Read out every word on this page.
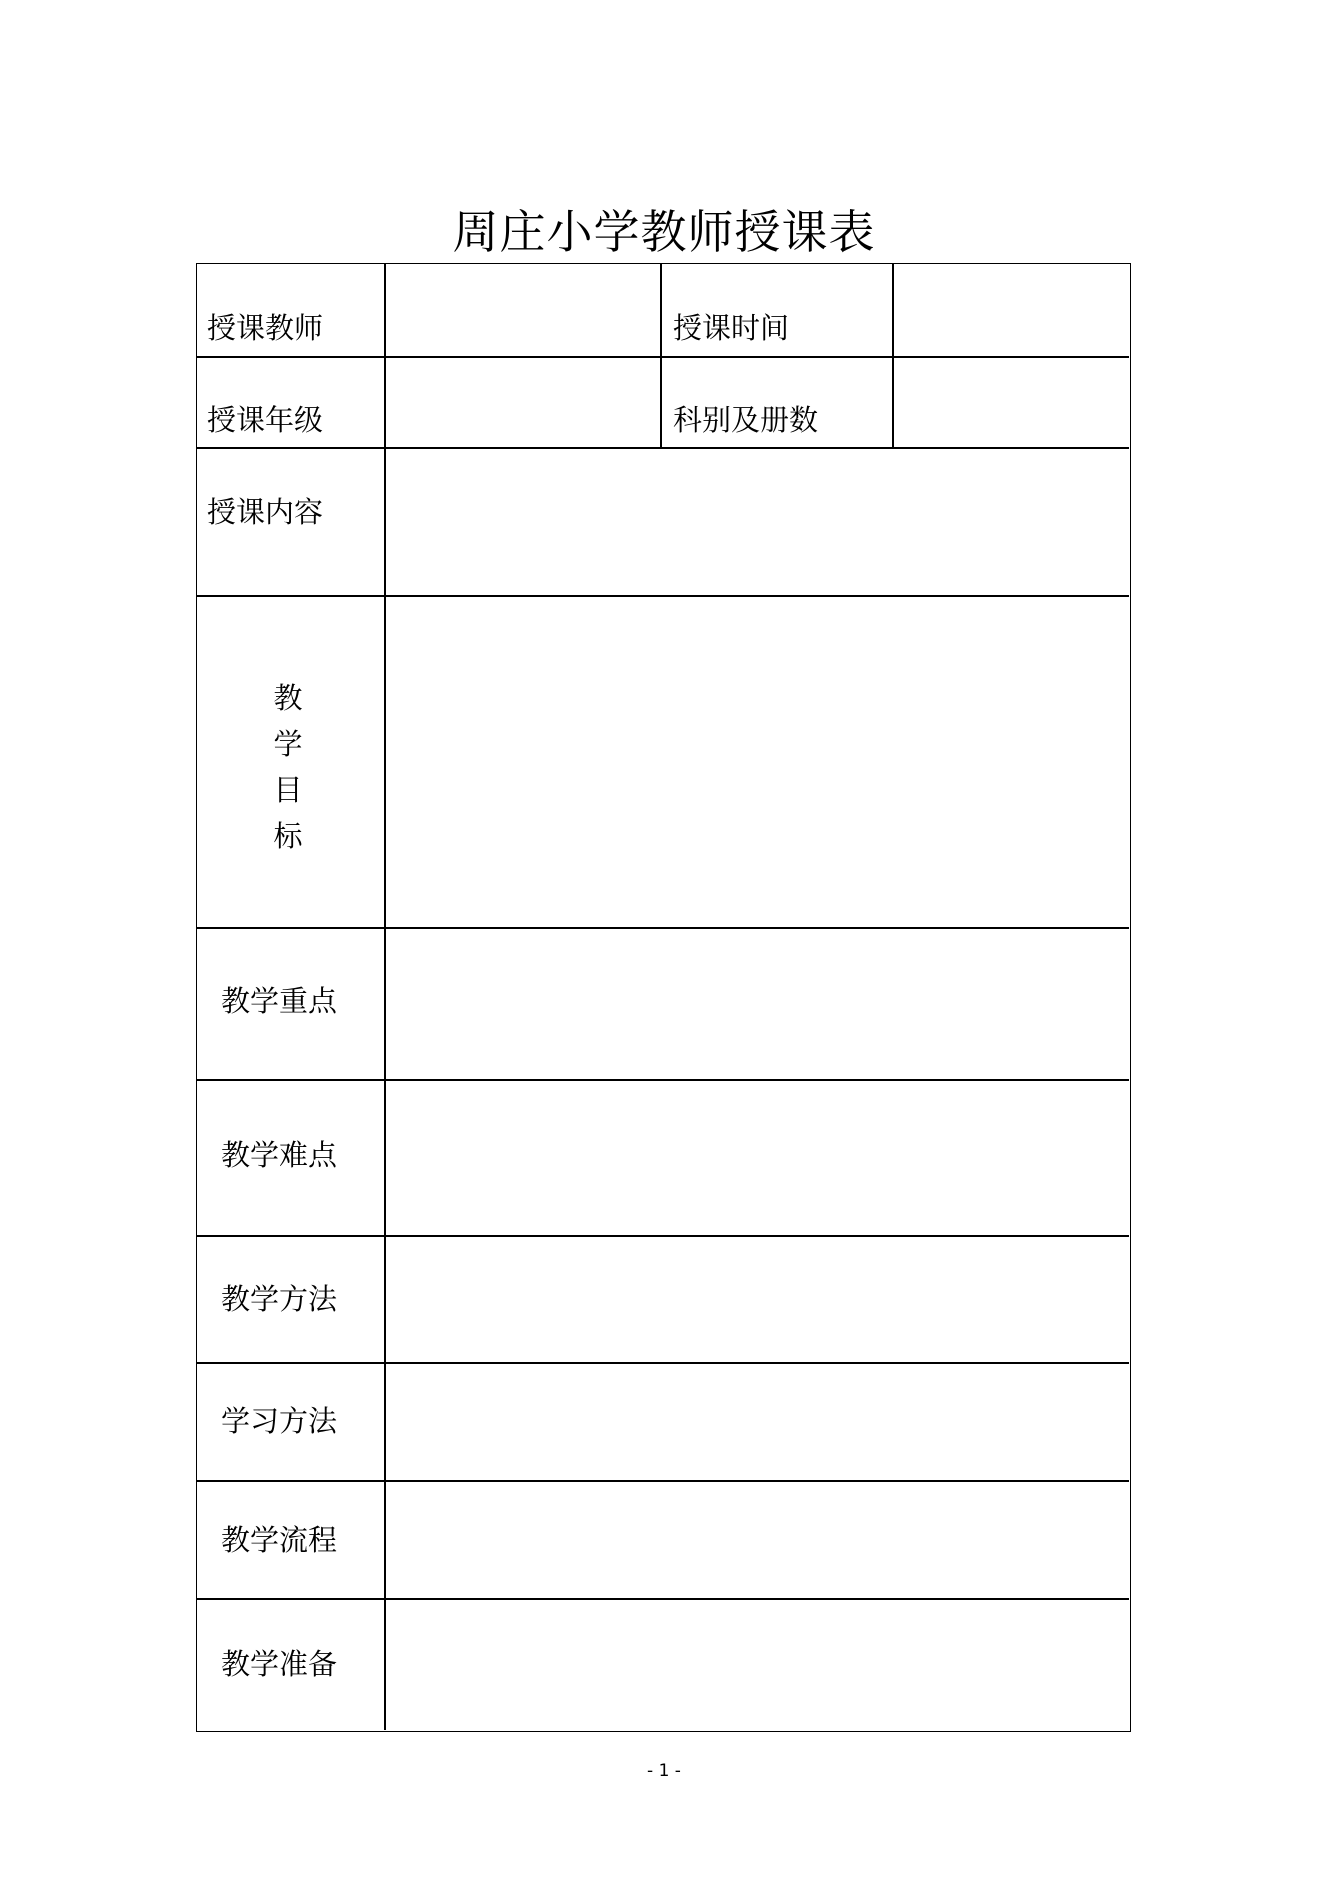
周庄小学教师授课表
授课教师	授课时间
授课年级	科别及册数
授课内容
教
学
目
标
教学重点
教学难点
教学方法
学习方法
教学流程
教学准备
- 1 -
